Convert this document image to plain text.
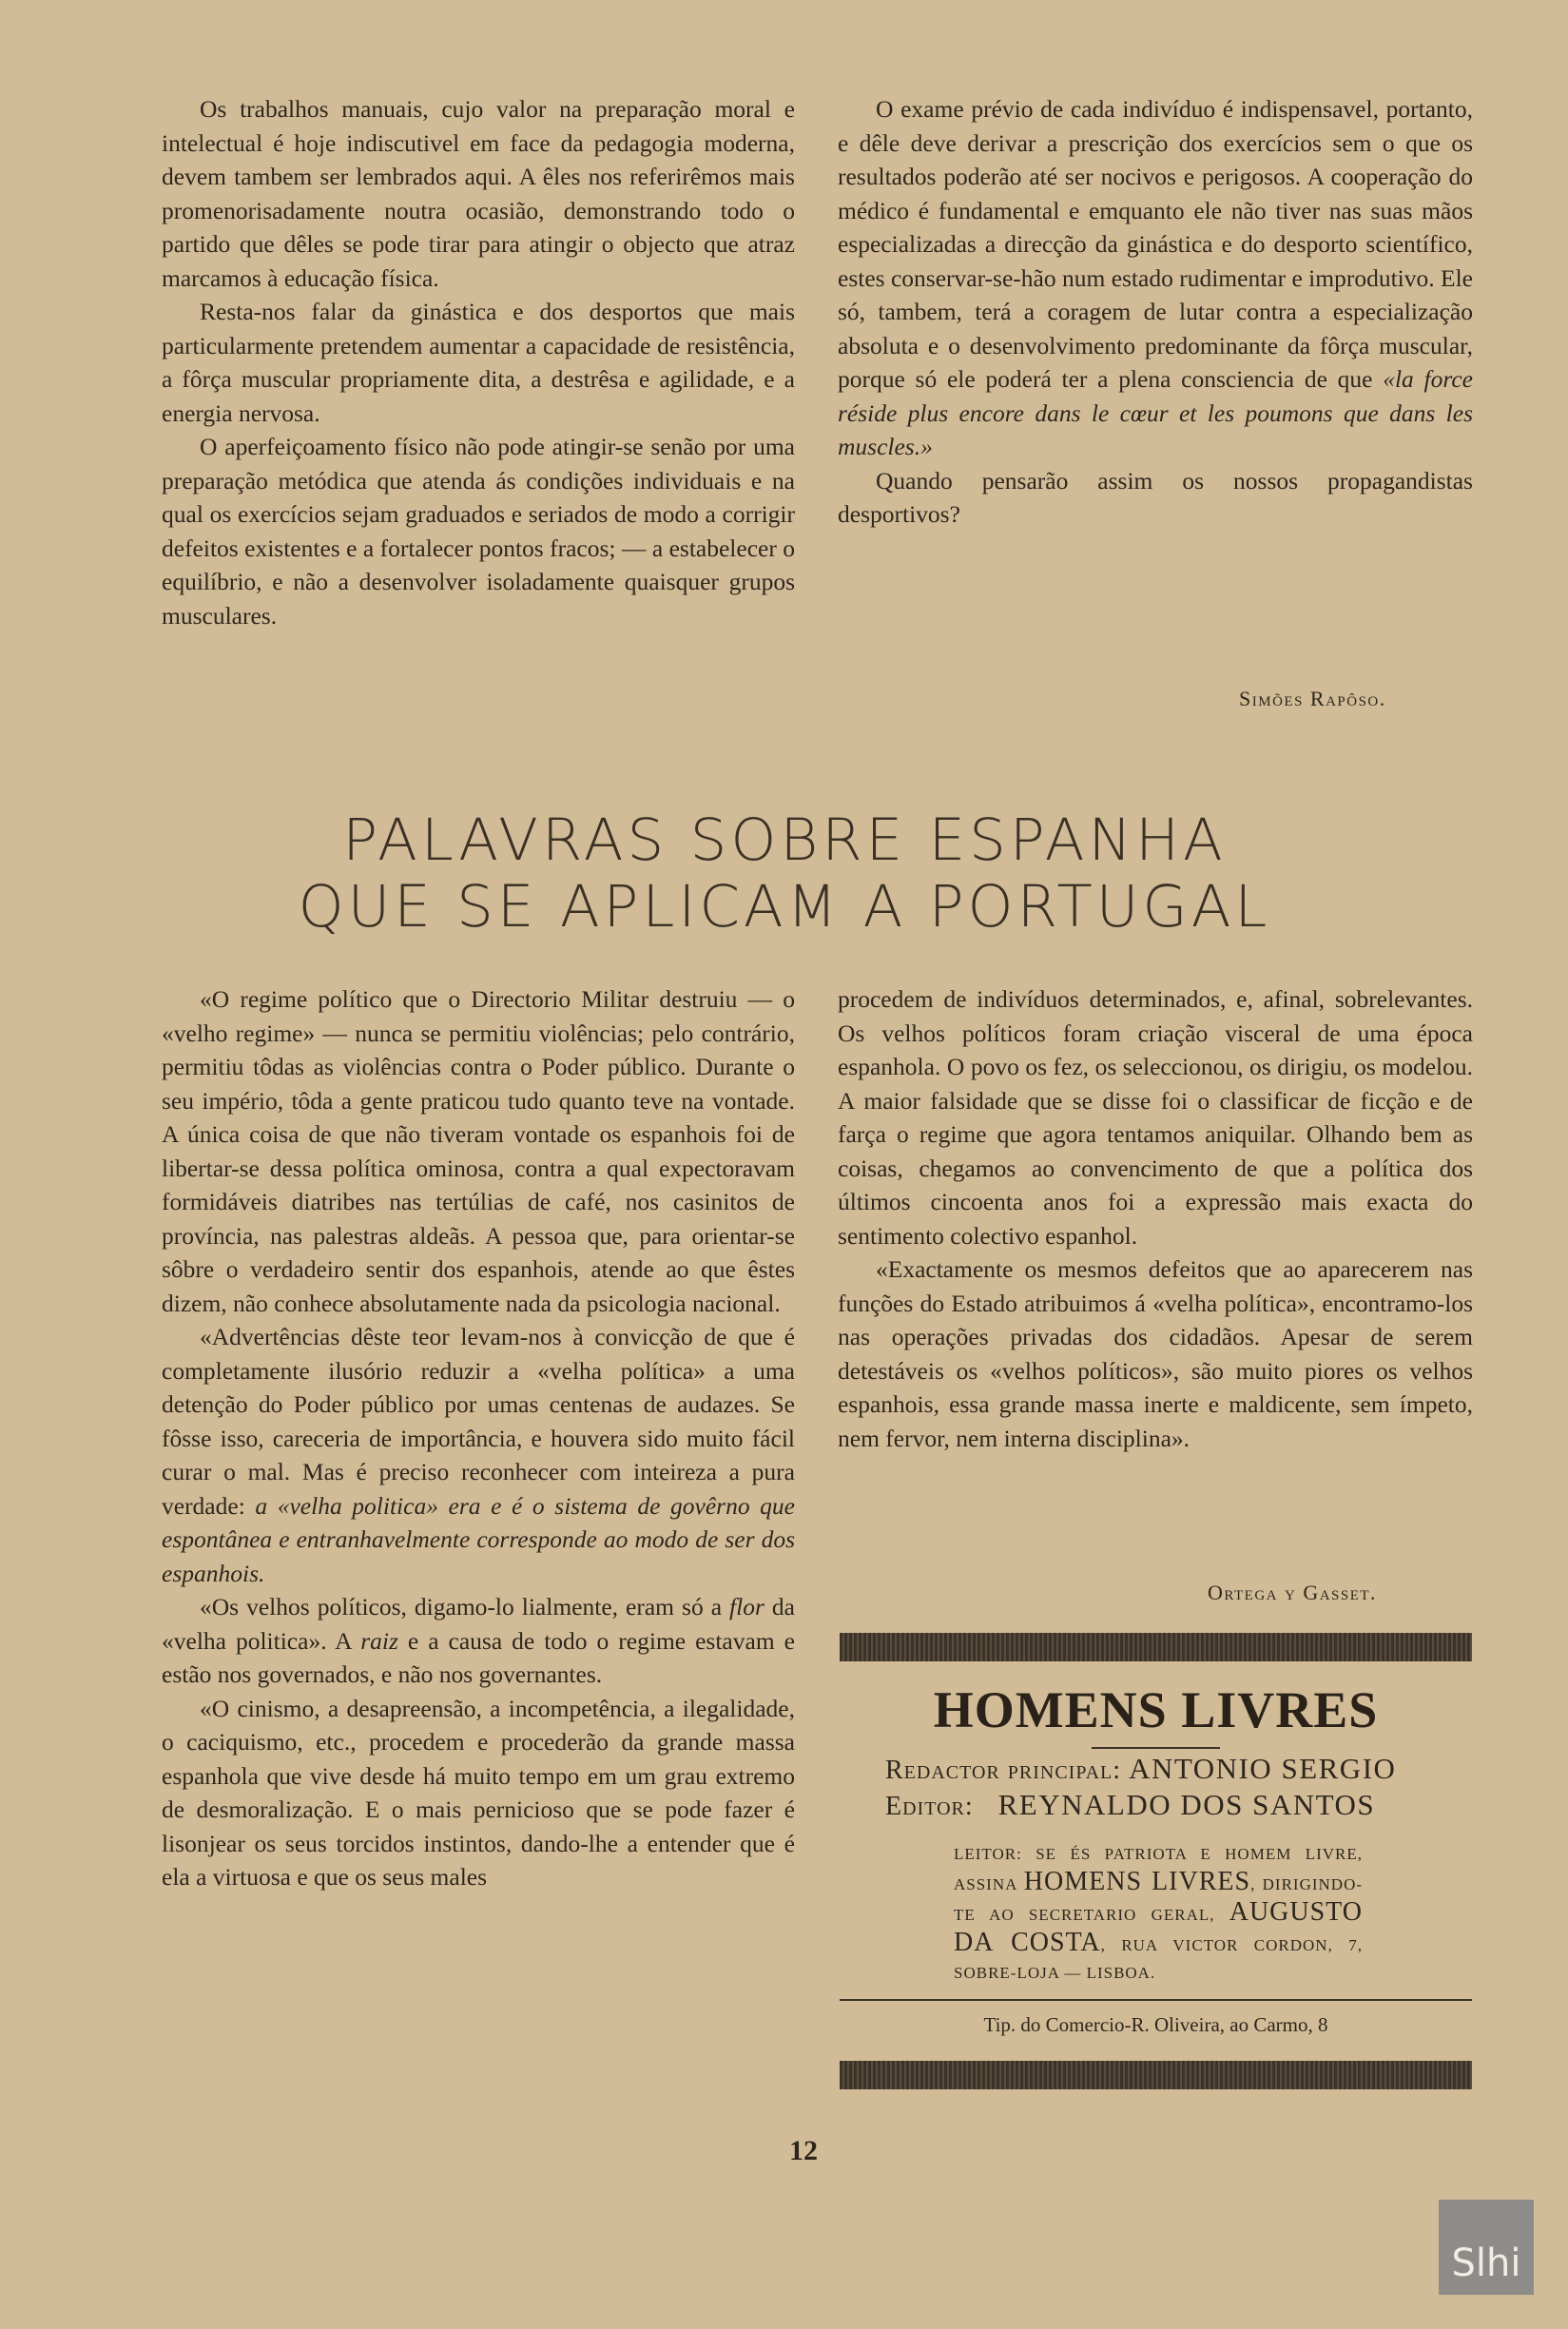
Os trabalhos manuais, cujo valor na preparação moral e intelectual é hoje indiscutivel em face da pedagogia moderna, devem tambem ser lembrados aqui. A êles nos referirêmos mais promenorisadamente noutra ocasião, demonstrando todo o partido que dêles se pode tirar para atingir o objecto que atraz marcamos à educação física.

Resta-nos falar da ginástica e dos desportos que mais particularmente pretendem aumentar a capacidade de resistência, a fôrça muscular propriamente dita, a destrêsa e agilidade, e a energia nervosa.

O aperfeiçoamento físico não pode atingir-se senão por uma preparação metódica que atenda ás condições individuais e na qual os exercícios sejam graduados e seriados de modo a corrigir defeitos existentes e a fortalecer pontos fracos; — a estabelecer o equilíbrio, e não a desenvolver isoladamente quaisquer grupos musculares.

O exame prévio de cada indivíduo é indispensavel, portanto, e dêle deve derivar a prescrição dos exercícios sem o que os resultados poderão até ser nocivos e perigosos. A cooperação do médico é fundamental e emquanto ele não tiver nas suas mãos especializadas a direcção da ginástica e do desporto scientífico, estes conservar-se-hão num estado rudimentar e improdutivo. Ele só, tambem, terá a coragem de lutar contra a especialização absoluta e o desenvolvimento predominante da fôrça muscular, porque só ele poderá ter a plena consciencia de que «la force réside plus encore dans le cœur et les poumons que dans les muscles.»

Quando pensarão assim os nossos propagandistas desportivos?

Simões Rapôso.
PALAVRAS SOBRE ESPANHA
QUE SE APLICAM A PORTUGAL

«O regime político que o Directorio Militar destruiu — o «velho regime» — nunca se permitiu violências; pelo contrário, permitiu tôdas as violências contra o Poder público. Durante o seu império, tôda a gente praticou tudo quanto teve na vontade. A única coisa de que não tiveram vontade os espanhois foi de libertar-se dessa política ominosa, contra a qual expectoravam formidáveis diatribes nas tertúlias de café, nos casinitos de província, nas palestras aldeãs. A pessoa que, para orientar-se sôbre o verdadeiro sentir dos espanhois, atende ao que êstes dizem, não conhece absolutamente nada da psicologia nacional.

«Advertências dêste teor levam-nos à convicção de que é completamente ilusório reduzir a «velha política» a uma detenção do Poder público por umas centenas de audazes. Se fôsse isso, careceria de importância, e houvera sido muito fácil curar o mal. Mas é preciso reconhecer com inteireza a pura verdade: a «velha politica» era e é o sistema de govêrno que espontânea e entranhavelmente corresponde ao modo de ser dos espanhois.

«Os velhos políticos, digamo-lo lialmente, eram só a flor da «velha politica». A raiz e a causa de todo o regime estavam e estão nos governados, e não nos governantes.

«O cinismo, a desapreensão, a incompetência, a ilegalidade, o caciquismo, etc., procedem e procederão da grande massa espanhola que vive desde há muito tempo em um grau extremo de desmoralização. E o mais pernicioso que se pode fazer é lisonjear os seus torcidos instintos, dando-lhe a entender que é ela a virtuosa e que os seus males

procedem de indivíduos determinados, e, afinal, sobrelevantes. Os velhos políticos foram criação visceral de uma época espanhola. O povo os fez, os seleccionou, os dirigiu, os modelou. A maior falsidade que se disse foi o classificar de ficção e de farça o regime que agora tentamos aniquilar. Olhando bem as coisas, chegamos ao convencimento de que a política dos últimos cincoenta anos foi a expressão mais exacta do sentimento colectivo espanhol.

«Exactamente os mesmos defeitos que ao aparecerem nas funções do Estado atribuimos á «velha política», encontramo-los nas operações privadas dos cidadãos. Apesar de serem detestáveis os «velhos políticos», são muito piores os velhos espanhois, essa grande massa inerte e maldicente, sem ímpeto, nem fervor, nem interna disciplina».

Ortega y Gasset.
HOMENS LIVRES
Redactor principal: ANTONIO SERGIO
Editor: REYNALDO DOS SANTOS
LEITOR: SE ÉS PATRIOTA E HOMEM LIVRE, ASSINA HOMENS LIVRES, DIRIGINDO-TE AO SECRETARIO GERAL, AUGUSTO DA COSTA, RUA VICTOR CORDON, 7, SOBRE-LOJA — LISBOA.
Tip. do Comercio-R. Oliveira, ao Carmo, 8
12
Slhi
